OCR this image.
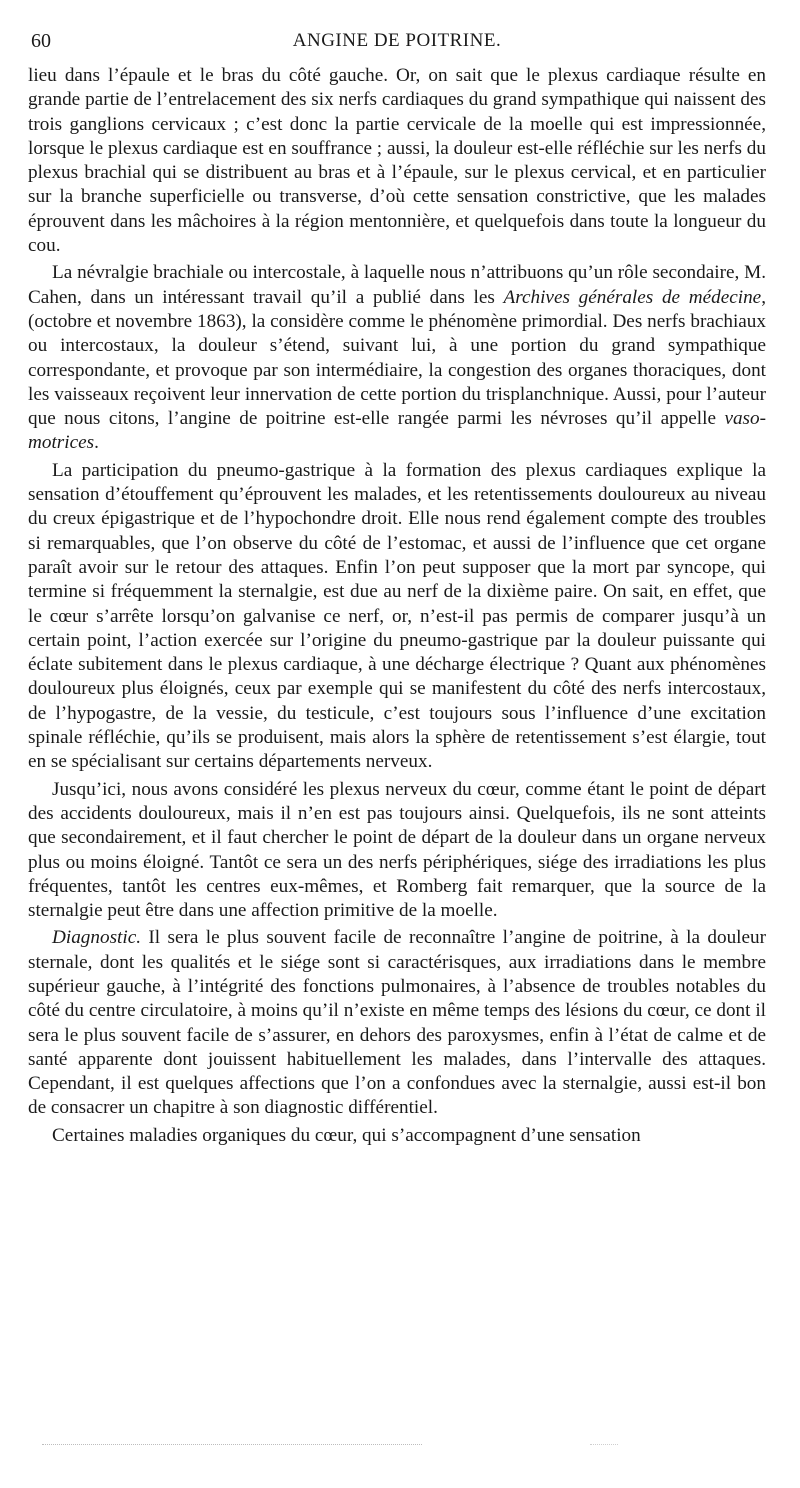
60	ANGINE DE POITRINE.

lieu dans l’épaule et le bras du côté gauche. Or, on sait que le plexus cardiaque résulte en grande partie de l’entrelacement des six nerfs cardiaques du grand sympathique qui naissent des trois ganglions cervicaux ; c’est donc la partie cervicale de la moelle qui est impressionnée, lorsque le plexus cardiaque est en souffrance ; aussi, la douleur est-elle réfléchie sur les nerfs du plexus brachial qui se distribuent au bras et à l’épaule, sur le plexus cervical, et en particulier sur la branche superficielle ou transverse, d’où cette sensation constrictive, que les malades éprouvent dans les mâchoires à la région mentonnière, et quelquefois dans toute la longueur du cou.

La névralgie brachiale ou intercostale, à laquelle nous n’attribuons qu’un rôle secondaire, M. Cahen, dans un intéressant travail qu’il a publié dans les Archives générales de médecine, (octobre et novembre 1863), la considère comme le phénomène primordial. Des nerfs brachiaux ou intercostaux, la douleur s’étend, suivant lui, à une portion du grand sympathique correspondante, et provoque par son intermédiaire, la congestion des organes thoraciques, dont les vaisseaux reçoivent leur innervation de cette portion du trisplanchnique. Aussi, pour l’auteur que nous citons, l’angine de poitrine est-elle rangée parmi les névroses qu’il appelle vaso-motrices.

La participation du pneumo-gastrique à la formation des plexus cardiaques explique la sensation d’étouffement qu’éprouvent les malades, et les retentissements douloureux au niveau du creux épigastrique et de l’hypochondre droit. Elle nous rend également compte des troubles si remarquables, que l’on observe du côté de l’estomac, et aussi de l’influence que cet organe paraît avoir sur le retour des attaques. Enfin l’on peut supposer que la mort par syncope, qui termine si fréquemment la sternalgie, est due au nerf de la dixième paire. On sait, en effet, que le cœur s’arrête lorsqu’on galvanise ce nerf, or, n’est-il pas permis de comparer jusqu’à un certain point, l’action exercée sur l’origine du pneumo-gastrique par la douleur puissante qui éclate subitement dans le plexus cardiaque, à une décharge électrique ? Quant aux phénomènes douloureux plus éloignés, ceux par exemple qui se manifestent du côté des nerfs intercostaux, de l’hypogastre, de la vessie, du testicule, c’est toujours sous l’influence d’une excitation spinale réfléchie, qu’ils se produisent, mais alors la sphère de retentissement s’est élargie, tout en se spécialisant sur certains départements nerveux.

Jusqu’ici, nous avons considéré les plexus nerveux du cœur, comme étant le point de départ des accidents douloureux, mais il n’en est pas toujours ainsi. Quelquefois, ils ne sont atteints que secondairement, et il faut chercher le point de départ de la douleur dans un organe nerveux plus ou moins éloigné. Tantôt ce sera un des nerfs périphériques, siége des irradiations les plus fréquentes, tantôt les centres eux-mêmes, et Romberg fait remarquer, que la source de la sternalgie peut être dans une affection primitive de la moelle.

Diagnostic. Il sera le plus souvent facile de reconnaître l’angine de poitrine, à la douleur sternale, dont les qualités et le siége sont si caractérisques, aux irradiations dans le membre supérieur gauche, à l’intégrité des fonctions pulmonaires, à l’absence de troubles notables du côté du centre circulatoire, à moins qu’il n’existe en même temps des lésions du cœur, ce dont il sera le plus souvent facile de s’assurer, en dehors des paroxysmes, enfin à l’état de calme et de santé apparente dont jouissent habituellement les malades, dans l’intervalle des attaques. Cependant, il est quelques affections que l’on a confondues avec la sternalgie, aussi est-il bon de consacrer un chapitre à son diagnostic différentiel.

Certaines maladies organiques du cœur, qui s’accompagnent d’une sensation
